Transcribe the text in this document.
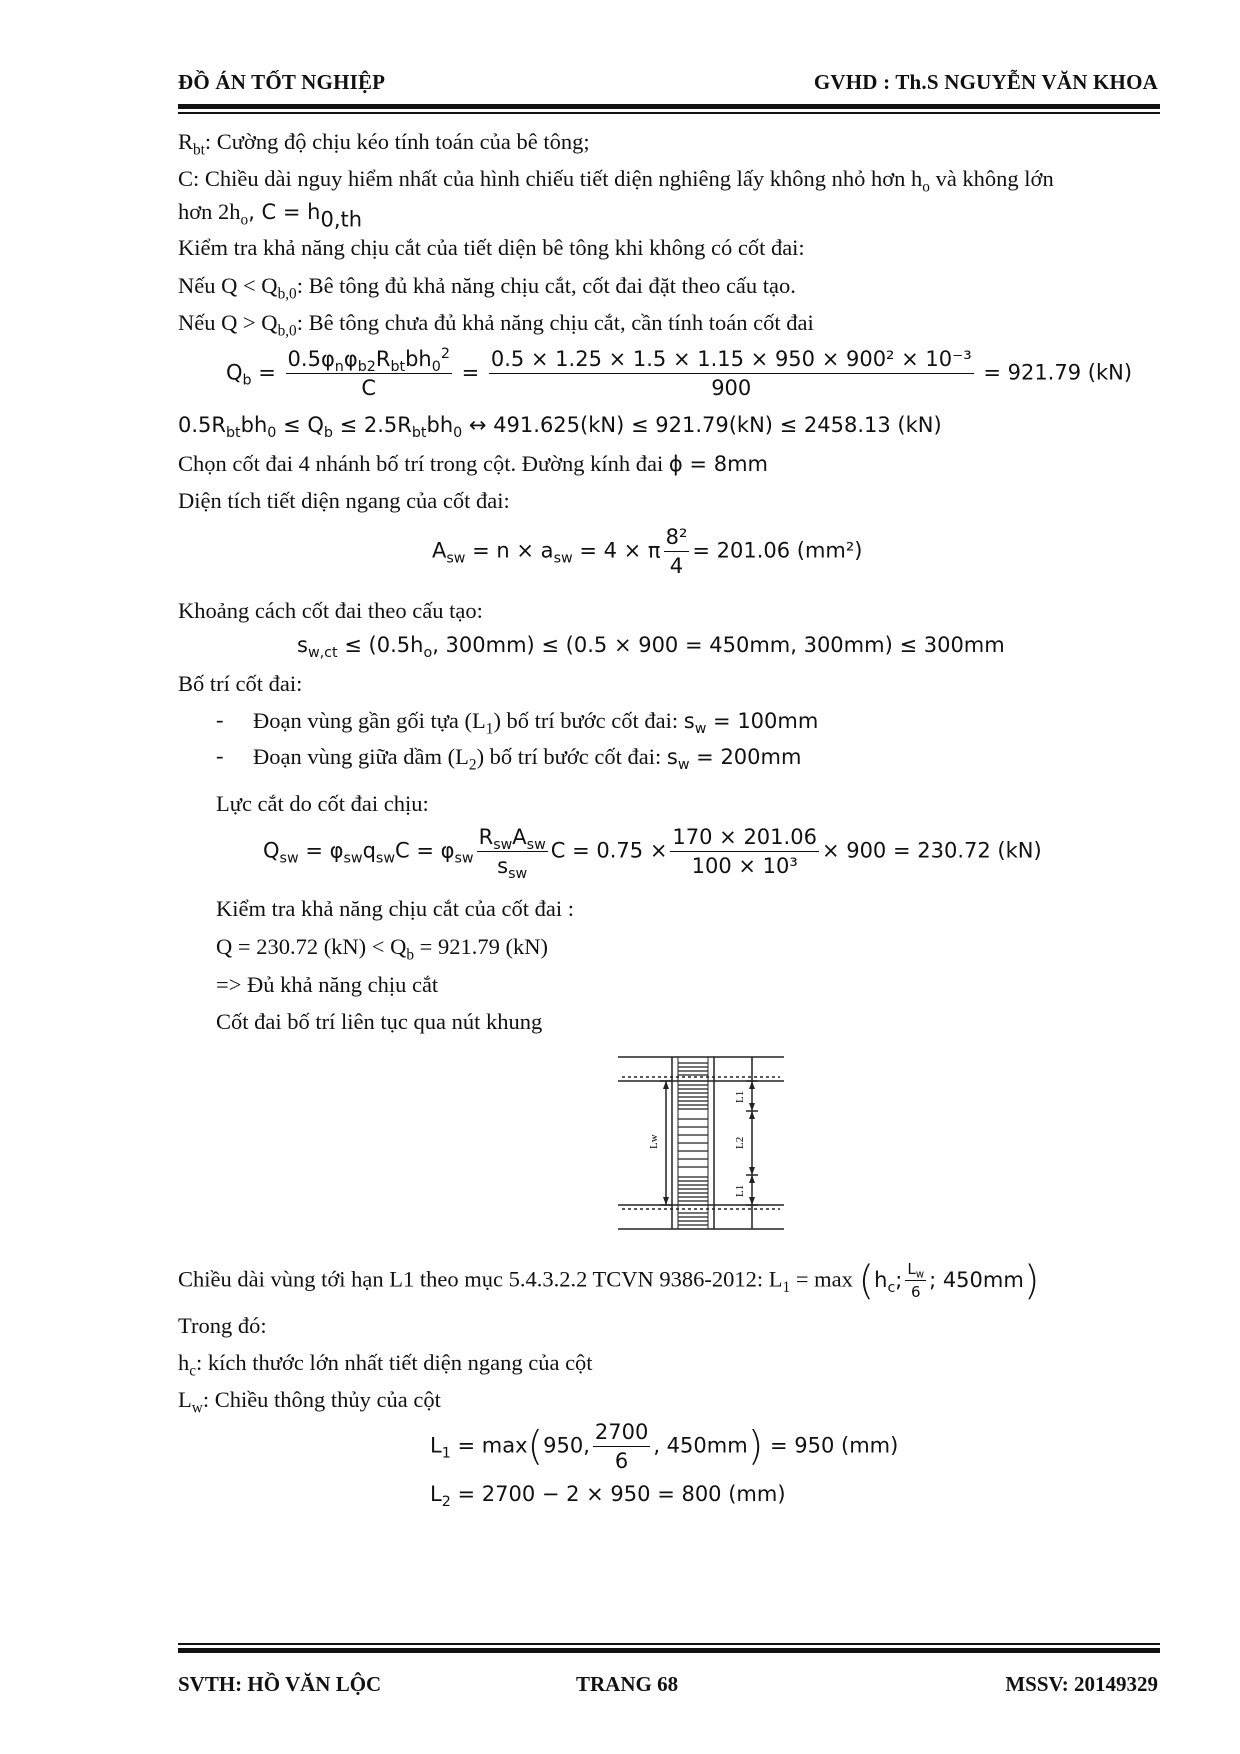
ĐỒ ÁN TỐT NGHIỆP	GVHD : Th.S NGUYỄN VĂN KHOA
$R_{bt}$: Cường độ chịu kéo tính toán của bê tông;
C: Chiều dài nguy hiểm nhất của hình chiếu tiết diện nghiêng lấy không nhỏ hơn $h_o$ và không lớn
hơn $2h_o$, $C = h_{0,th}$
Kiểm tra khả năng chịu cắt của tiết diện bê tông khi không có cốt đai:
Nếu $Q < Q_{b,0}$: Bê tông đủ khả năng chịu cắt, cốt đai đặt theo cấu tạo.
Nếu $Q > Q_{b,0}$: Bê tông chưa đủ khả năng chịu cắt, cần tính toán cốt đai
$Q_b = \frac{0.5\varphi_n\varphi_{b2}R_{bt}bh_0^2}{C} = \frac{\text{0.5 × 1.25 × 1.5 × 1.15 × 950 × 900² × 10⁻³}}{900} = 921.79$ (kN)
$0.5R_{bt}bh_0 \le Q_b \le 2.5R_{bt}bh_0$ ↔ 491.625(kN) ≤ 921.79(kN) ≤ 2458.13 (kN)
Chọn cốt đai 4 nhánh bố trí trong cột. Đường kính đai ϕ = 8mm
Diện tích tiết diện ngang của cốt đai:
$A_{sw} = n \times a_{sw} = 4 \times \pi \frac{\text{8²}}{4} = 201.06$ (mm²)
Khoảng cách cốt đai theo cấu tạo:
$s_{w,ct} \le (0.5h_o$, 300mm) ≤ (0.5 × 900 = 450mm, 300mm) ≤ 300mm
Bố trí cốt đai:
- Đoạn vùng gần gối tựa $(L_1)$ bố trí bước cốt đai: $s_w = 100mm$
- Đoạn vùng giữa dầm $(L_2)$ bố trí bước cốt đai: $s_w = 200mm$
Lực cắt do cốt đai chịu:
$Q_{sw} = \varphi_{sw}q_{sw}C = \varphi_{sw} \frac{R_{sw}A_{sw}}{s_{sw}}$ $C = 0.75 \times \frac{170 \times 201.06}{\text{100 × 10³}} \times 900 = 230.72$ (kN)
Kiểm tra khả năng chịu cắt của cốt đai :
Q = 230.72 $(kN) < Q_b = 921.79$ (kN)
=> Đủ khả năng chịu cắt
Cốt đai bố trí liên tục qua nút khung
Lw
L1
L2
L1
Chiều dài vùng tới hạn L1 theo mục 5.4.3.2.2 TCVN 9386-2012: $L_1 = \max (h_c$; $\frac{L_w}{6}$ ; 450mm)
Trong đó:
$h_c$: kích thước lớn nhất tiết diện ngang của cột
$L_w$: Chiều thông thủy của cột
$L_1 = \max(950$, $\frac{2700}{6}$ , 450mm) = 950 (mm)
$L_2 = 2700 - 2 \times 950 = 800$ (mm)
SVTH: HỒ VĂN LỘC	TRANG 68	MSSV: 20149329
